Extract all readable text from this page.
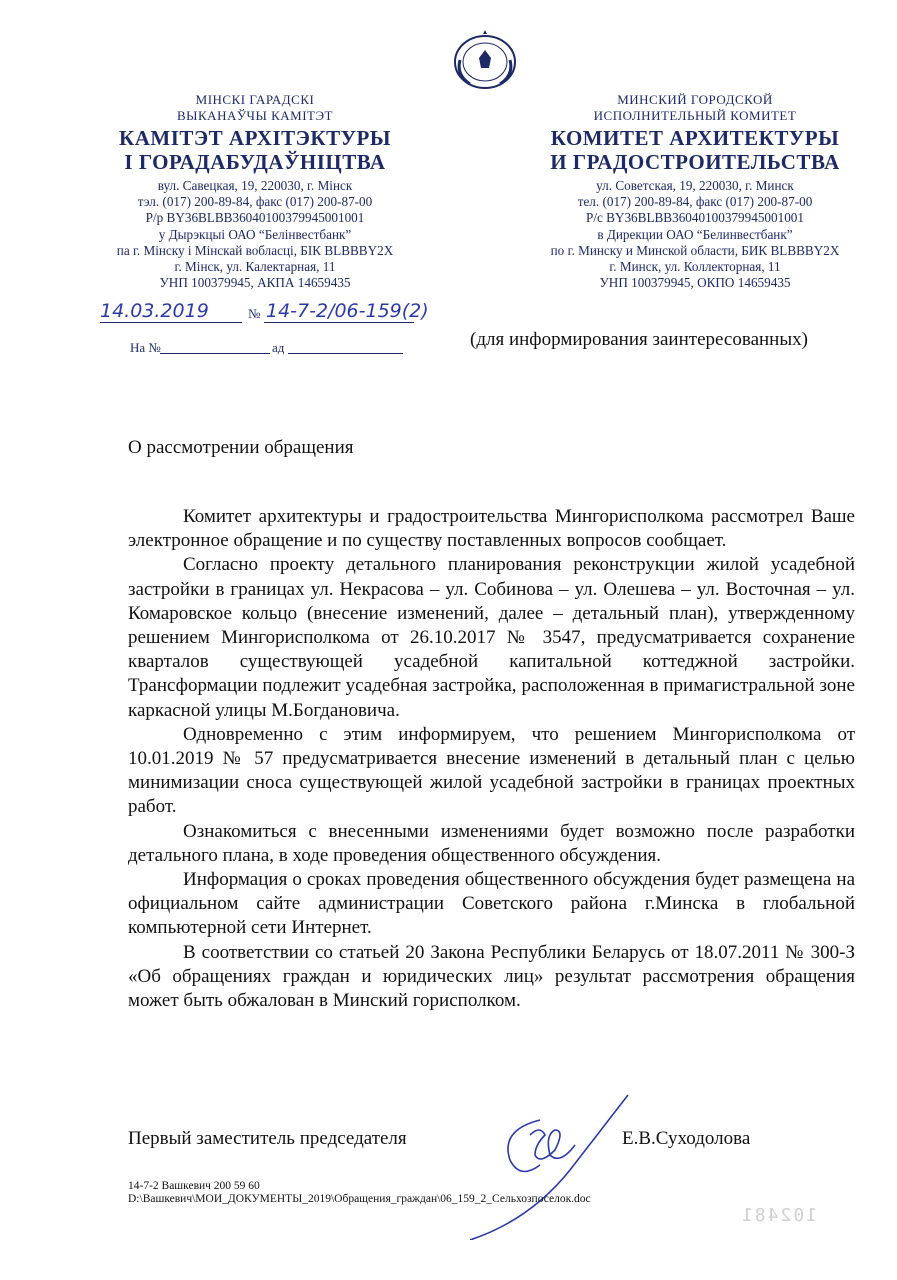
МІНСКІ ГАРАДСКІ
ВЫКАНАЎЧЫ КАМІТЭТ
КАМІТЭТ АРХІТЭКТУРЫ
І ГОРАДАБУДАЎНІЦТВА
вул. Савецкая, 19, 220030, г. Мінск
тэл. (017) 200-89-84, факс (017) 200-87-00
Р/р BY36BLBB36040100379945001001
у Дырэкцыі ОАО “Белінвестбанк”
па г. Мінску і Мінскай вобласці, БІК BLBBBY2X
г. Мінск, ул. Калектарная, 11
УНП 100379945, АКПА 14659435
МИНСКИЙ ГОРОДСКОЙ
ИСПОЛНИТЕЛЬНЫЙ КОМИТЕТ
КОМИТЕТ АРХИТЕКТУРЫ
И ГРАДОСТРОИТЕЛЬСТВА
ул. Советская, 19, 220030, г. Минск
тел. (017) 200-89-84, факс (017) 200-87-00
Р/с BY36BLBB36040100379945001001
в Дирекции ОАО “Белинвестбанк”
по г. Минску и Минской области, БИК BLBBBY2X
г. Минск, ул. Коллекторная, 11
УНП 100379945, ОКПО 14659435
14.03.2019	№ 14-7-2/06-159(2)
На №	ад	(для информирования заинтересованных)
О рассмотрении обращения

Комитет архитектуры и градостроительства Мингорисполкома рассмотрел Ваше электронное обращение и по существу поставленных вопросов сообщает.

Согласно проекту детального планирования реконструкции жилой усадебной застройки в границах ул. Некрасова – ул. Собинова – ул. Олешева – ул. Восточная – ул. Комаровское кольцо (внесение изменений, далее – детальный план), утвержденному решением Мингорисполкома от 26.10.2017 № 3547, предусматривается сохранение кварталов существующей усадебной капитальной коттеджной застройки. Трансформации подлежит усадебная застройка, расположенная в примагистральной зоне каркасной улицы М.Богдановича.

Одновременно с этим информируем, что решением Мингорисполкома от 10.01.2019 № 57 предусматривается внесение изменений в детальный план с целью минимизации сноса существующей жилой усадебной застройки в границах проектных работ.

Ознакомиться с внесенными изменениями будет возможно после разработки детального плана, в ходе проведения общественного обсуждения.

Информация о сроках проведения общественного обсуждения будет размещена на официальном сайте администрации Советского района г.Минска в глобальной компьютерной сети Интернет.

В соответствии со статьей 20 Закона Республики Беларусь от 18.07.2011 № 300-З «Об обращениях граждан и юридических лиц» результат рассмотрения обращения может быть обжалован в Минский горисполком.

Первый заместитель председателя	Е.В.Суходолова
14-7-2 Вашкевич 200 59 60
D:\Вашкевич\МОИ_ДОКУМЕНТЫ_2019\Обращения_граждан\06_159_2_Сельхозпоселок.doc
102481
